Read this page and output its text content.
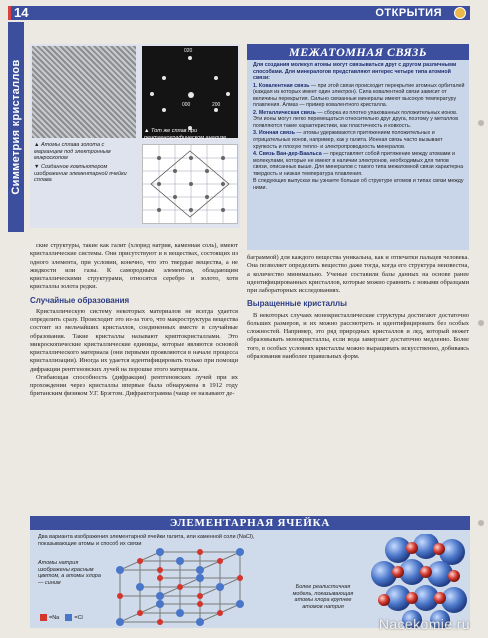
14	ОТКРЫТИЯ
Симметрия кристаллов
020
000	200
▲ Атомы сплава золота с марганцем под электронным микроскопом
▼ Созданное компьютером изображение элементарной ячейки сплава
▲ Тот же сплав при рентгенографическом анализе
МЕЖАТОМНАЯ СВЯЗЬ

Для создания молекул атомы могут связываться друг с другом различными способами. Для минералогов представляют интерес четыре типа атомной связи:

1. Ковалентная связь — при этой связи происходит перекрытие атомных орбиталей (каждая из которых имеет один электрон). Сила ковалентной связи зависит от величины перекрытия. Сильно связанные минералы имеют высокую температуру плавления. Алмаз — пример ковалентного кристалла.

2. Металлическая связь — сборка из плотно упакованных положительных ионов. Эти ионы могут легко перемещаться относительно друг друга, поэтому у металлов появляются такие характеристики, как пластичность и ковкость.

3. Ионная связь — атомы удерживаются притяжением положительных и отрицательных ионов, например, как у галита. Ионная связь часто вызывает хрупкость и плохую тепло- и электропроводность минералов.

4. Связь Ван-дер-Ваальса — представляет собой притяжение между атомами и молекулами, которые не имеют в наличии электронов, необходимых для типов связи, описанных выше. Для минералов с такого типа межатомной связи характерна твердость и низкая температура плавления.

В следующих выпусках вы узнаете больше об структуре атомов и типах связи между ними.

ские структуры, такие как галит (хлорид натрия, каменная соль), имеют кристаллические системы. Они присутствуют и в веществах, состоящих из одного элемента, при условии, конечно, что это твердые вещества, а не жидкости или газы. К самородным элементам, обладающим кристаллическими структурами, относятся серебро и золото, хотя кристаллы золота редки.

Случайные образования

Кристаллическую систему некоторых материалов не всегда удается определить сразу. Происходит это из-за того, что макроструктура вещества состоит из мельчайших кристаллов, соединенных вместе в случайные образования. Такие кристаллы называют криптокристаллами. Это микроскопические кристаллические единицы, которые являются основой кристаллического материала (они первыми проявляются в начале процесса кристаллизации). Иногда их удается идентифицировать только при помощи дифракции рентгеновских лучей на порошке этого материала.

Огибающая способность (дифракция) рентгеновских лучей при их прохождении через кристаллы впервые была обнаружена в 1912 году британским физиком У.Г. Брэггом. Дифрактограмма (чаще ее называют де-

баграммой) для каждого вещества уникальна, как и отпечатки пальцев человека. Она позволяет определить вещество даже тогда, когда его структура неизвестна, а количество минимально. Ученые составили базы данных на основе ранее идентифицированных кристаллов, которые можно сравнить с новыми образцами при лабораторных исследованиях.

Выращенные кристаллы

В некоторых случаях монокристаллические структуры достигают достаточно больших размеров, и их можно рассмотреть и идентифицировать без особых сложностей. Например, это ряд природных кристаллов и лед, который может образовывать монокристаллы, если вода замерзает достаточно медленно. Более того, в особых условиях кристаллы можно выращивать искусственно, добиваясь образования наиболее правильных форм.

ЭЛЕМЕНТАРНАЯ ЯЧЕЙКА
Два варианта изображения элементарной ячейки галита, или каменной соли (NaCl), показывающие атомы и способ их связи
Атомы натрия изображены красным цветом, а атомы хлора — синим
Более реалистичная модель, показывающая атомы хлора крупнее атомов натрия
=Na	=Cl	Nacekomie.ru
